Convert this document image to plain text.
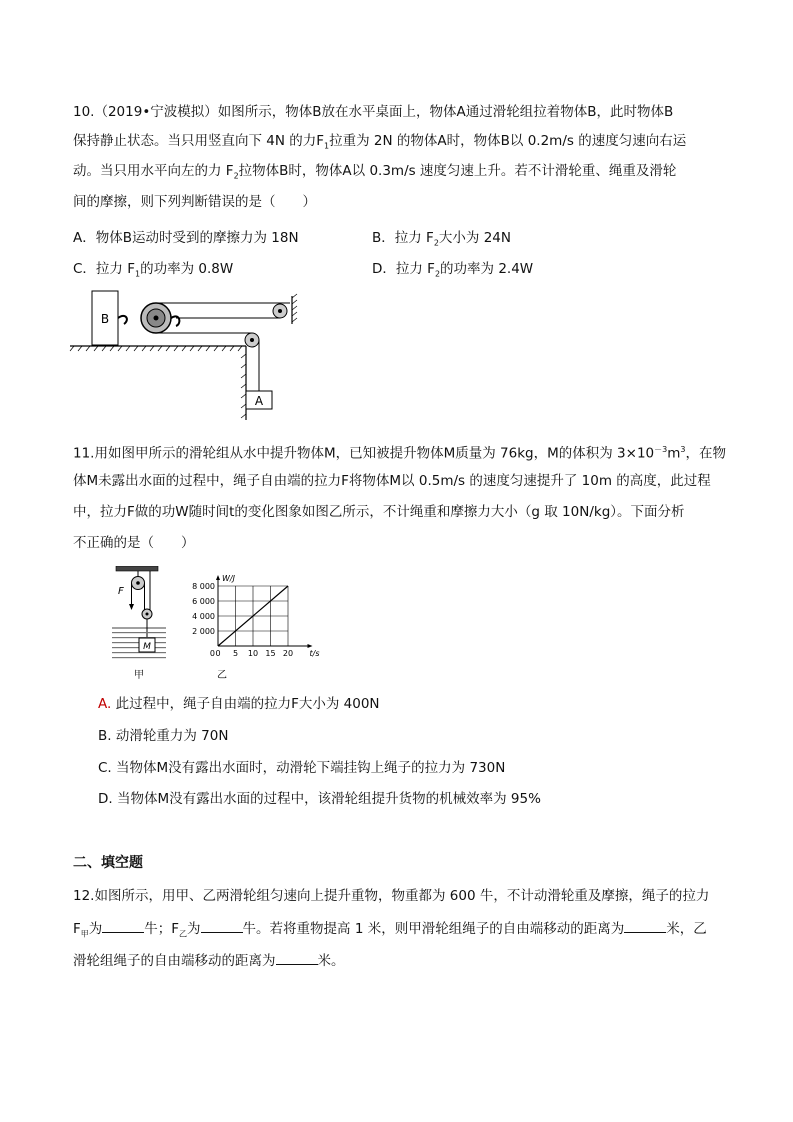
10.（2019•宁波模拟）如图所示，物体B放在水平桌面上，物体A通过滑轮组拉着物体B，此时物体B
保持静止状态。当只用竖直向下 4N 的力$F_1$拉重为 2N 的物体A时，物体B以 0.2m/s 的速度匀速向右运
动。当只用水平向左的力 $F_2$拉物体B时，物体A以 0.3m/s 速度匀速上升。若不计滑轮重、绳重及滑轮
间的摩擦，则下列判断错误的是（　　）
A．物体B运动时受到的摩擦力为 18N	B．拉力 $F_2$大小为 24N
C．拉力 $F_1$的功率为 0.8W	D．拉力 $F_2$的功率为 2.4W
B
A
11.用如图甲所示的滑轮组从水中提升物体M，已知被提升物体M质量为 76kg，M的体积为 $3\times 10^{-3}m^3$，在物
体M未露出水面的过程中，绳子自由端的拉力F将物体M以 0.5m/s 的速度匀速提升了 10m 的高度，此过程
中，拉力F做的功W随时间t的变化图象如图乙所示，不计绳重和摩擦力大小（g 取 10N/kg）。下面分析
不正确的是（　　）
F
M
甲
0 5 10 15 20
2 000
4 000
6 000
8 000
0	t/s
W/J
乙
A. 此过程中，绳子自由端的拉力F大小为 400N
B. 动滑轮重力为 70N
C. 当物体M没有露出水面时，动滑轮下端挂钩上绳子的拉力为 730N
D. 当物体M没有露出水面的过程中，该滑轮组提升货物的机械效率为 95%
二、填空题
12.如图所示，用甲、乙两滑轮组匀速向上提升重物，物重都为 600 牛，不计动滑轮重及摩擦，绳子的拉力
$F_甲$为	牛；$F_乙$为	牛。若将重物提高 1 米，则甲滑轮组绳子的自由端移动的距离为	米，乙
滑轮组绳子的自由端移动的距离为	米。
